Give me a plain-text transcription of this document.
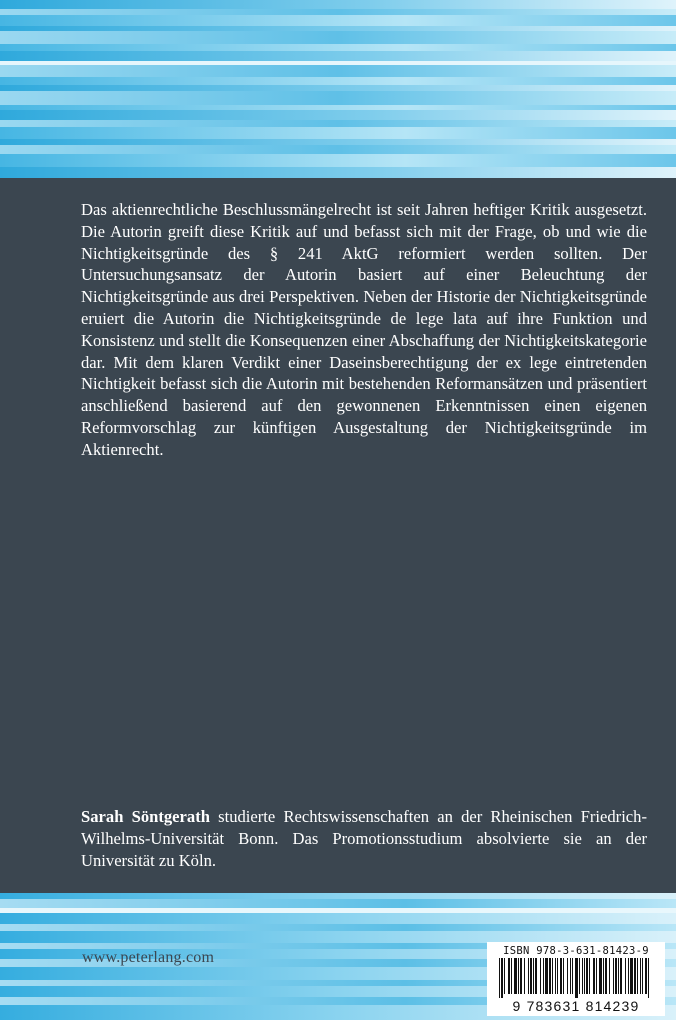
Das aktienrechtliche Beschlussmängelrecht ist seit Jahren heftiger Kritik ausgesetzt. Die Autorin greift diese Kritik auf und befasst sich mit der Frage, ob und wie die Nichtigkeitsgründe des § 241 AktG reformiert werden sollten. Der Untersuchungsansatz der Autorin basiert auf einer Beleuchtung der Nichtigkeitsgründe aus drei Perspektiven. Neben der Historie der Nichtigkeitsgründe eruiert die Autorin die Nichtigkeitsgründe de lege lata auf ihre Funktion und Konsistenz und stellt die Konsequenzen einer Abschaffung der Nichtigkeitskategorie dar. Mit dem klaren Verdikt einer Daseinsberechtigung der ex lege eintretenden Nichtigkeit befasst sich die Autorin mit bestehenden Reformansätzen und präsentiert anschließend basierend auf den gewonnenen Erkenntnissen einen eigenen Reformvorschlag zur künftigen Ausgestaltung der Nichtigkeitsgründe im Aktienrecht.

Sarah Söntgerath studierte Rechtswissenschaften an der Rheinischen Friedrich-Wilhelms-Universität Bonn. Das Promotionsstudium absolvierte sie an der Universität zu Köln.

www.peterlang.com	ISBN 978-3-631-81423-9
9 783631 814239
